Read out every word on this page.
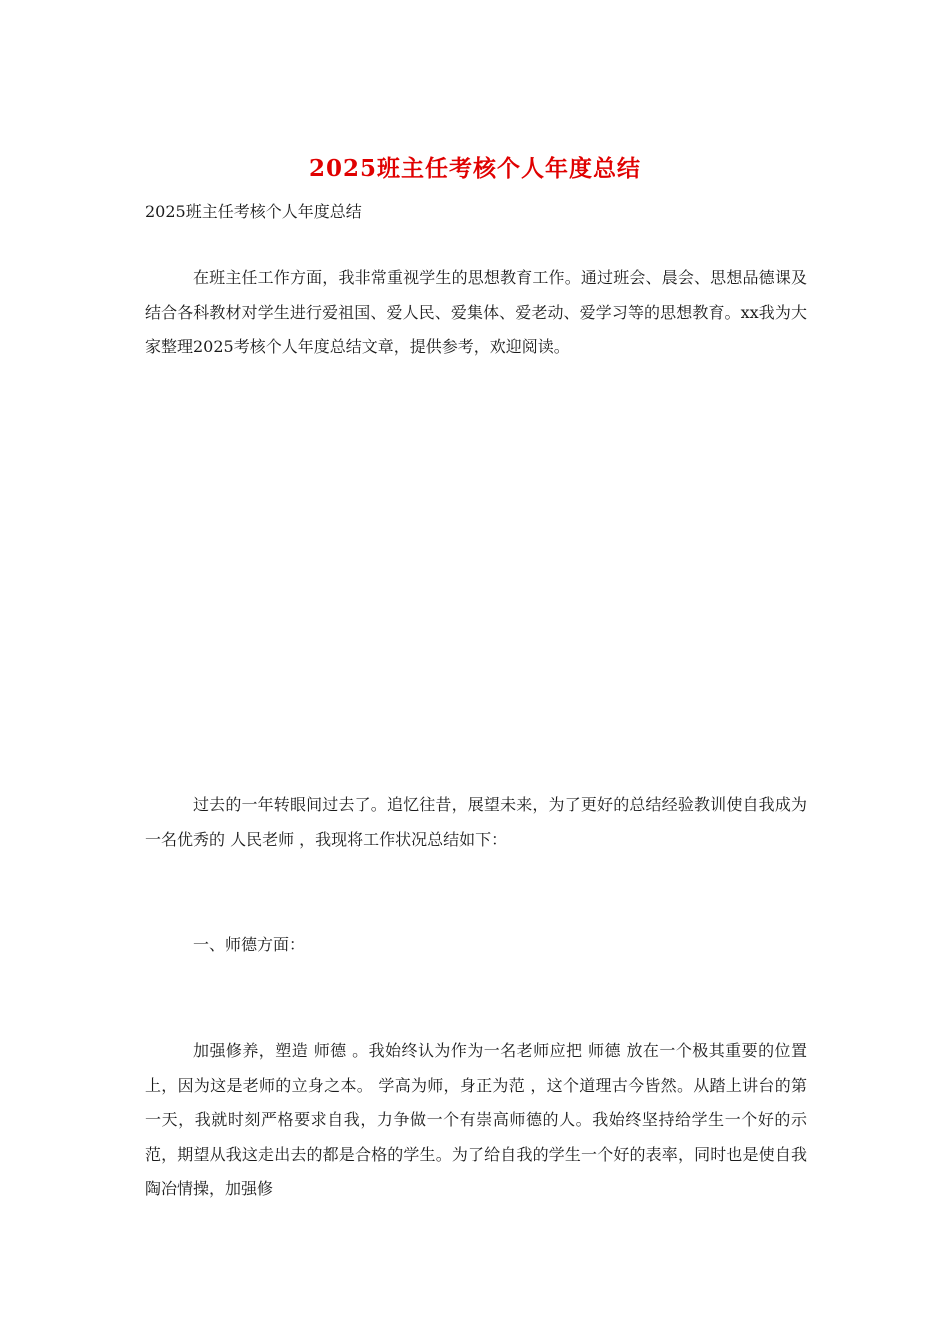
2025班主任考核个人年度总结
2025班主任考核个人年度总结

在班主任工作方面，我非常重视学生的思想教育工作。通过班会、晨会、思想品德课及结合各科教材对学生进行爱祖国、爱人民、爱集体、爱老动、爱学习等的思想教育。xx我为大家整理2025考核个人年度总结文章，提供参考，欢迎阅读。

过去的一年转眼间过去了。追忆往昔，展望未来，为了更好的总结经验教训使自我成为一名优秀的 人民老师 ，我现将工作状况总结如下：

一、师德方面：

加强修养，塑造 师德 。我始终认为作为一名老师应把 师德 放在一个极其重要的位置上，因为这是老师的立身之本。 学高为师，身正为范 ，这个道理古今皆然。从踏上讲台的第一天，我就时刻严格要求自我，力争做一个有崇高师德的人。我始终坚持给学生一个好的示范，期望从我这走出去的都是合格的学生。为了给自我的学生一个好的表率，同时也是使自我陶冶情操，加强修
